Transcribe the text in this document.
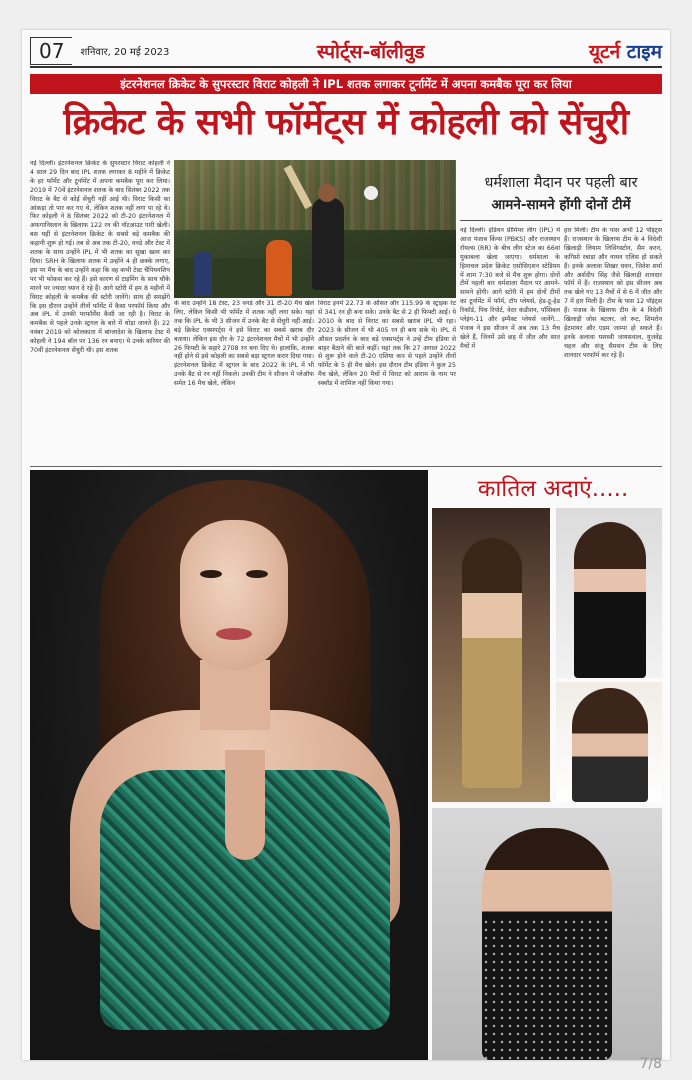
07	शनिवार, 20 मई 2023	स्पोर्ट्स-बॉलीवुड	यूटर्न टाइम
इंटरनेशनल क्रिकेट के सुपरस्टार विराट कोहली ने IPL शतक लगाकर टूर्नामेंट में अपना कमबैक पूरा कर लिया
क्रिकेट के सभी फॉर्मेट्स में कोहली को सेंचुरी
नई दिल्ली। इंटरनेशनल क्रिकेट के सुपरस्टार विराट कोहली ने 4 साल 29 दिन बाद IPL शतक लगाकर 8 महीने में क्रिकेट के हर फॉर्मेट और टूर्नामेंट में अपना कमबैक पूरा कर लिया। 2019 में 70वें इंटरनेशनल शतक के बाद सितंबर 2022 तक विराट के बैट से कोई सेंचुरी नहीं आई थी। विराट किसी का आंकड़ा तो पार कर गए थे, लेकिन शतक नहीं लगा पा रहे थे। फिर कोहली ने 8 सितंबर 2022 को टी-20 इंटरनेशनल में अफगानिस्तान के खिलाफ 122 रन की नॉटआउट पारी खेली। बस यहीं से इंटरनेशनल क्रिकेट के सबसे बड़े कमबैक की कहानी शुरू हो गई। तब से अब तक टी-20, वनडे और टेस्ट में शतक के साथ उन्होंने IPL में भी शतक का सूखा खत्म कर दिया। SRH के खिलाफ शतक में उन्होंने 4 ही छक्के लगाए, इस पर मैच के बाद उन्होंने कहा कि वह कभी टेस्ट चैंपियनशिप पर भी फोकस कर रहे हैं। इसे कारण से टाइमिंग के साथ चौके मारने पर ज्यादा ध्यान दे रहे हैं। आगे स्टोरी में हम 8 महीनों में विराट कोहली के कमबैक की स्टोरी जानेंगे। साथ ही समझेंगे कि इस दौरान उन्होंने तीनों फॉर्मेट में कैसा परफॉर्म किया और अब IPL में उनकी परफॉर्मेंस कैसी जा रही है। विराट के कमबैक से पहले उनके स्ट्रगल के बारे में थोड़ा जानते हैं। 22 नवंबर 2019 को कोलकाता में बांग्लादेश के खिलाफ टेस्ट में कोहली ने 194 बॉल पर 136 रन बनाए। ये उनके करियर की 70वीं इंटरनेशनल सेंचुरी थी। इस शतक
के बाद उन्होंने 18 टेस्ट, 23 वनडे और 31 टी-20 मैच खेल लिए, लेकिन किसी भी फॉर्मेट में शतक नहीं लगा सके। यहां तक कि IPL के भी 3 सीजन में उनके बैट से सेंचुरी नहीं आई। बड़े क्रिकेट एक्सपर्ट्स ने इसे विराट का सबसे खराब दौर बताया। लेकिन इस दौर के 72 इंटरनेशनल मैचों में भी उन्होंने 26 फिफ्टी के सहारे 2708 रन बना दिए थे। हालांकि, शतक नहीं होने से इसे कोहली का सबसे बड़ा स्ट्रगल करार दिया गया। इंटरनेशनल क्रिकेट में स्ट्रगल के बाद 2022 के IPL में भी उनके बैट से रन नहीं निकले। उनकी टीम ने सीजन में प्लेऑफ समेत 16 मैच खेले, लेकिन
विराट इनमें 22.73 के औसत और 115.99 के स्ट्राइक रेट से 341 रन ही बना सके। उनके बैट से 2 ही फिफ्टी आईं। ये 2010 के बाद से विराट का सबसे खराब IPL भी रहा। 2023 के सीजन में भी 405 रन ही बना सके थे। IPL में औसत प्रदर्शन के बाद बड़े एक्सपर्ट्स ने उन्हें टीम इंडिया से बाहर बैठाने की बातें कहीं। यहां तक कि 27 अगस्त 2022 से शुरू होने वाले टी-20 एशिया कप से पहले उन्होंने तीनों फॉर्मेट के 5 ही मैच खेले। इस दौरान टीम इंडिया ने कुल 25 मैच खेले, लेकिन 20 मैचों में विराट को आराम के नाम पर स्क्वॉड में शामिल नहीं किया गया।
धर्मशाला मैदान पर पहली बार
आमने-सामने होंगी दोनों टीमें
नई दिल्ली। इंडियन प्रीमियर लीग (IPL) में आज पंजाब किंग्स (PBKS) और राजस्थान रॉयल्स (RR) के बीच लीग स्टेज का 66वां मुकाबला खेला जाएगा। धर्मशाला के हिमाचल प्रदेश क्रिकेट एसोसिएशन स्टेडियम में शाम 7:30 बजे से मैच शुरू होगा। दोनों टीमें पहली बार धर्मशाला मैदान पर आमने-सामने होंगी। आगे स्टोरी में हम दोनों टीमों का टूर्नामेंट में फॉर्म, टॉप प्लेयर्स, हेड-टू-हेड रिकॉर्ड, पिच रिपोर्ट, वेदर कंडीशन, पॉसिबल प्लेइंग-11 और इम्पैक्ट प्लेयर्स जानेंगे... पंजाब ने इस सीजन में अब तक 13 मैच खेले हैं, जिनमें उसे छह में जीत और सात मैचों में
हार मिली। टीम के पास अभी 12 पॉइंट्स हैं। राजस्थान के खिलाफ टीम के 4 विदेशी खिलाड़ी लियाम लिविंगस्टोन, सैम करन, कगिसो रबाडा और नाथन एलिस हो सकते हैं। इनके अलावा शिखर धवन, जितेश शर्मा और अर्शदीप सिंह जैसे खिलाड़ी शानदार फॉर्म में हैं। राजस्थान को इस सीजन अब तक खेले गए 13 मैचों में से 6 में जीत और 7 में हार मिली है। टीम के पास 12 पॉइंट्स हैं। पंजाब के खिलाफ टीम के 4 विदेशी खिलाड़ी जोस बटलर, जो रूट, शिमरोन हेटमायर और एडम जाम्पा हो सकते हैं। इनके अलावा यशस्वी जायसवाल, युजवेंद्र चहल और संजू सैमसन टीम के लिए शानदार परफॉर्म कर रहे हैं।
कातिल अदाएं.....
7/8
